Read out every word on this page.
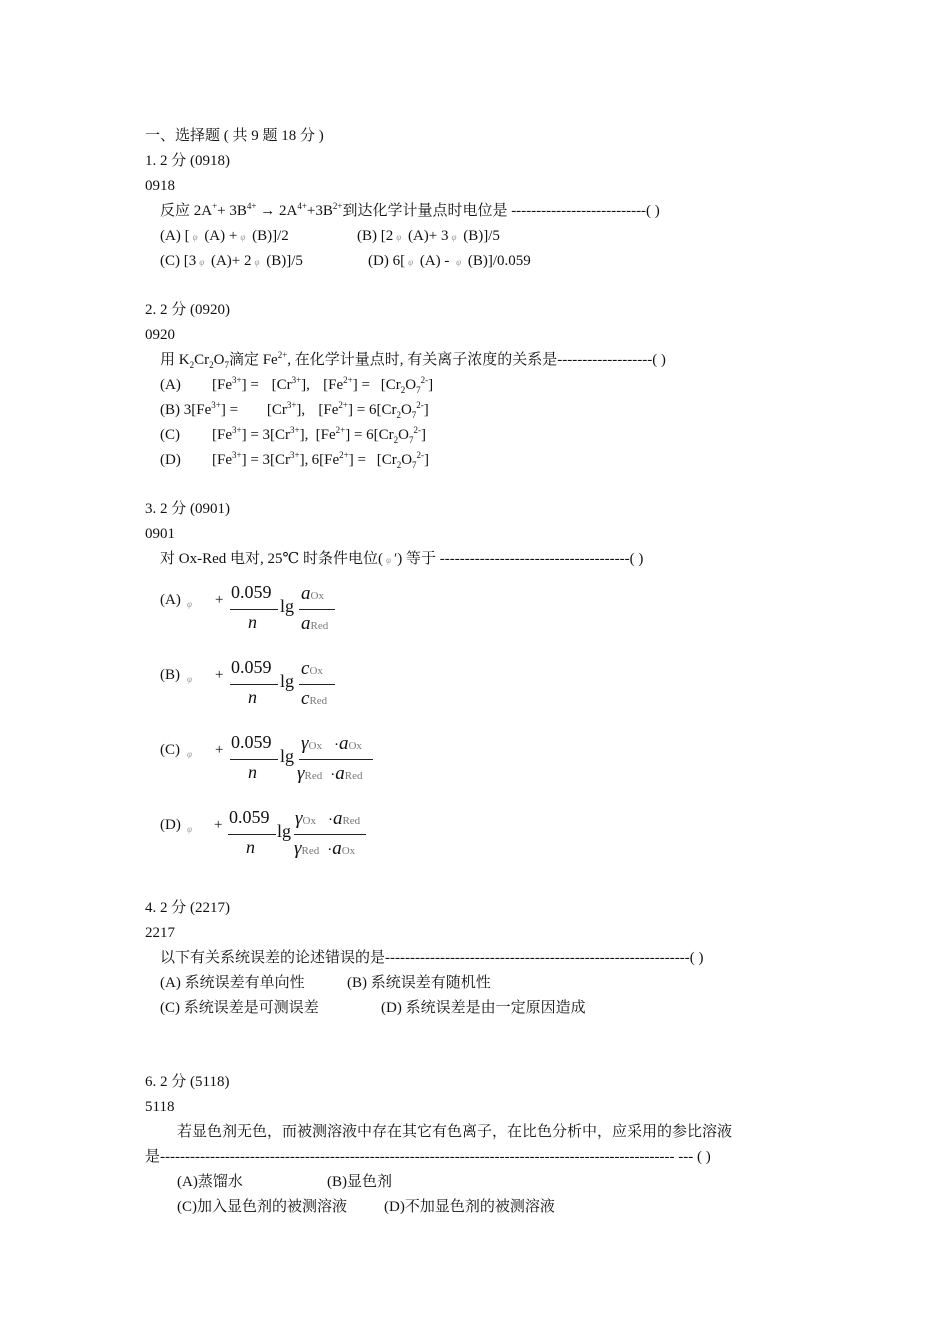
一、选择题 ( 共 9 题 18 分 )
1. 2 分 (0918)
0918
反应 $2A^++ 3B^{4+} \to 2A^{4+}+3B^{2+}$到达化学计量点时电位是 ---------------------------( )
(A) [ φ (A) + φ (B)]/2	(B) [2 φ (A)+ 3 φ (B)]/5
(C) [3 φ (A)+ 2 φ (B)]/5	(D) 6[ φ (A) - φ (B)]/0.059
2. 2 分 (0920)
0920
用 $K_2Cr_2O_7$滴定 $Fe^{2+}$, 在化学计量点时, 有关离子浓度的关系是-------------------( )
(A) $[Fe^{3+}] = [Cr^{3+}]$, $[Fe^{2+}] = [Cr_2O_7^{2-}]$
(B) $3[Fe^{3+}] = [Cr^{3+}]$, $[Fe^{2+}] = 6[Cr_2O_7^{2-}]$
(C) $[Fe^{3+}] = 3[Cr^{3+}]$, $[Fe^{2+}] = 6[Cr_2O_7^{2-}]$
(D) $[Fe^{3+}] = 3[Cr^{3+}]$, $6[Fe^{2+}] = [Cr_2O_7^{2-}]$
3. 2 分 (0901)
0901
对 Ox-Red 电对, 25℃ 时条件电位( φ ′) 等于 --------------------------------------( )
(A) φ + 0.059
n
lg
aOx
aRed
(B) φ + 0.059
n
lg
cOx
cRed
(C) φ + 0.059
n
lg
γOx ·aOx
γRed ·aRed
(D) φ + 0.059
n
lg
γOx ·aRed
γRed ·aOx
4. 2 分 (2217)
2217
以下有关系统误差的论述错误的是-------------------------------------------------------------( )
(A) 系统误差有单向性	(B) 系统误差有随机性
(C) 系统误差是可测误差	(D) 系统误差是由一定原因造成
6. 2 分 (5118)
5118
若显色剂无色，而被测溶液中存在其它有色离子，在比色分析中，应采用的参比溶液
是------------------------------------------------------------------------------------------------------- --- ( )
(A)蒸馏水	(B)显色剂
(C)加入显色剂的被测溶液 (D)不加显色剂的被测溶液
